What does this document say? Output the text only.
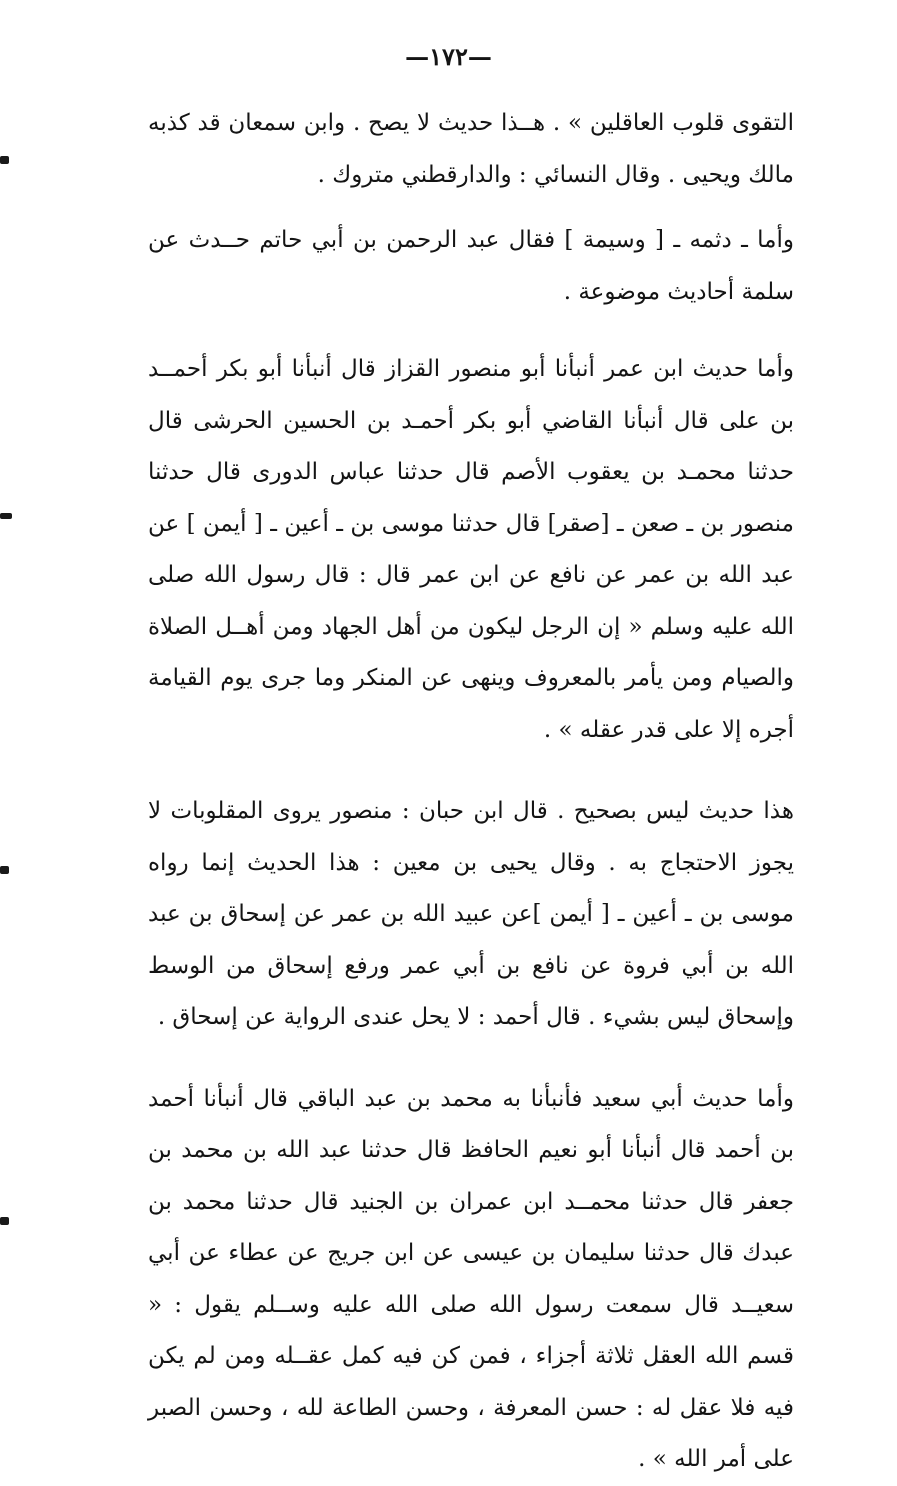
—١٧٢—

التقوى قلوب العاقلين » . هــذا حديث لا يصح . وابن سمعان قد كذبه مالك ويحيى . وقال النسائي : والدارقطني متروك .

وأما ـ دثمه ـ [ وسيمة ] فقال عبد الرحمن بن أبي حاتم حــدث عن سلمة أحاديث موضوعة .

وأما حديث ابن عمر أنبأنا أبو منصور القزاز قال أنبأنا أبو بكر أحمــد بن على قال أنبأنا القاضي أبو بكر أحمـد بن الحسين الحرشى قال حدثنا محمـد بن يعقوب الأصم قال حدثنا عباس الدورى قال حدثنا منصور بن ـ صعن ـ [صقر] قال حدثنا موسى بن ـ أعين ـ [ أيمن ] عن عبد الله بن عمر عن نافع عن ابن عمر قال : قال رسول الله صلى الله عليه وسلم « إن الرجل ليكون من أهل الجهاد ومن أهــل الصلاة والصيام ومن يأمر بالمعروف وينهى عن المنكر وما جرى يوم القيامة أجره إلا على قدر عقله » .

هذا حديث ليس بصحيح . قال ابن حبان : منصور يروى المقلوبات لا يجوز الاحتجاج به . وقال يحيى بن معين : هذا الحديث إنما رواه موسى بن ـ أعين ـ [ أيمن ]عن عبيد الله بن عمر عن إسحاق بن عبد الله بن أبي فروة عن نافع بن أبي عمر ورفع إسحاق من الوسط وإسحاق ليس بشيء . قال أحمد : لا يحل عندى الرواية عن إسحاق .

وأما حديث أبي سعيد فأنبأنا به محمد بن عبد الباقي قال أنبأنا أحمد بن أحمد قال أنبأنا أبو نعيم الحافظ قال حدثنا عبد الله بن محمد بن جعفر قال حدثنا محمــد ابن عمران بن الجنيد قال حدثنا محمد بن عبدك قال حدثنا سليمان بن عيسى عن ابن جريج عن عطاء عن أبي سعيــد قال سمعت رسول الله صلى الله عليه وســلم يقول : « قسم الله العقل ثلاثة أجزاء ، فمن كن فيه كمل عقــله ومن لم يكن فيه فلا عقل له : حسن المعرفة ، وحسن الطاعة لله ، وحسن الصبر على أمر الله » .
